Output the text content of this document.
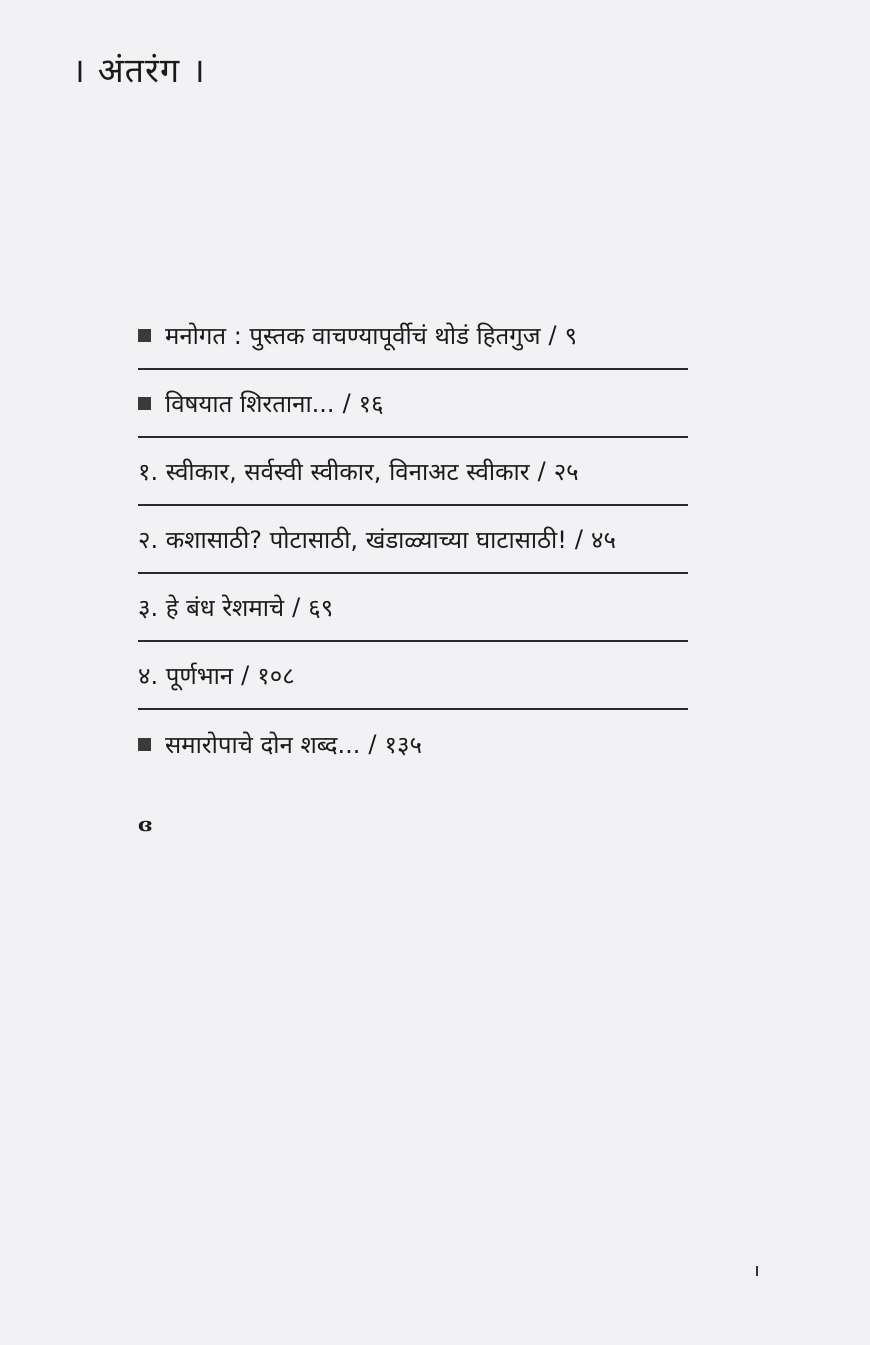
। अंतरंग ।
मनोगत : पुस्तक वाचण्यापूर्वीचं थोडं हितगुज / ९
विषयात शिरताना... / १६
१. स्वीकार, सर्वस्वी स्वीकार, विनाअट स्वीकार / २५
२. कशासाठी? पोटासाठी, खंडाळ्याच्या घाटासाठी! / ४५
३. हे बंध रेशमाचे / ६९
४. पूर्णभान / १०८
समारोपाचे दोन शब्द... / १३५
ɞ
